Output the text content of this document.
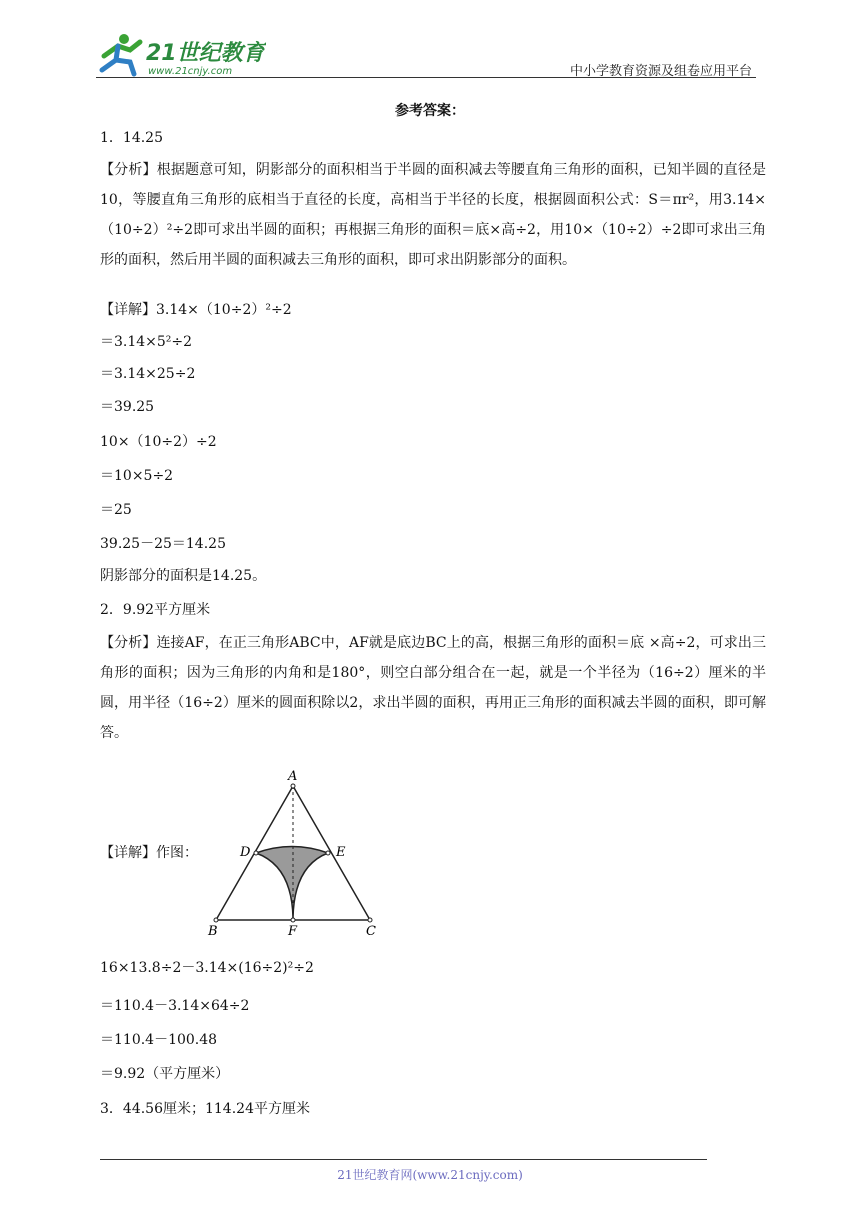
21世纪教育
www.21cnjy.com	中小学教育资源及组卷应用平台
参考答案：
1．14.25
【分析】根据题意可知，阴影部分的面积相当于半圆的面积减去等腰直角三角形的面积，已知半圆的直径是10，等腰直角三角形的底相当于直径的长度，高相当于半径的长度，根据圆面积公式：S＝πr²，用3.14×（10÷2）²÷2即可求出半圆的面积；再根据三角形的面积＝底×高÷2，用10×（10÷2）÷2即可求出三角形的面积，然后用半圆的面积减去三角形的面积，即可求出阴影部分的面积。
【详解】3.14×（10÷2）²÷2
＝3.14×5²÷2
＝3.14×25÷2
＝39.25
10×（10÷2）÷2
＝10×5÷2
＝25
39.25－25＝14.25
阴影部分的面积是14.25。
2．9.92平方厘米
【分析】连接AF，在正三角形ABC中，AF就是底边BC上的高，根据三角形的面积＝底 ×高÷2，可求出三角形的面积；因为三角形的内角和是180°，则空白部分组合在一起，就是一个半径为（16÷2）厘米的半圆，用半径（16÷2）厘米的圆面积除以2，求出半圆的面积，再用正三角形的面积减去半圆的面积，即可解答。
【详解】作图：
A
B	C
D	E
F
16×13.8÷2－3.14×(16÷2)²÷2
＝110.4－3.14×64÷2
＝110.4－100.48
＝9.92（平方厘米）
3．44.56厘米；114.24平方厘米
21世纪教育网(www.21cnjy.com)
